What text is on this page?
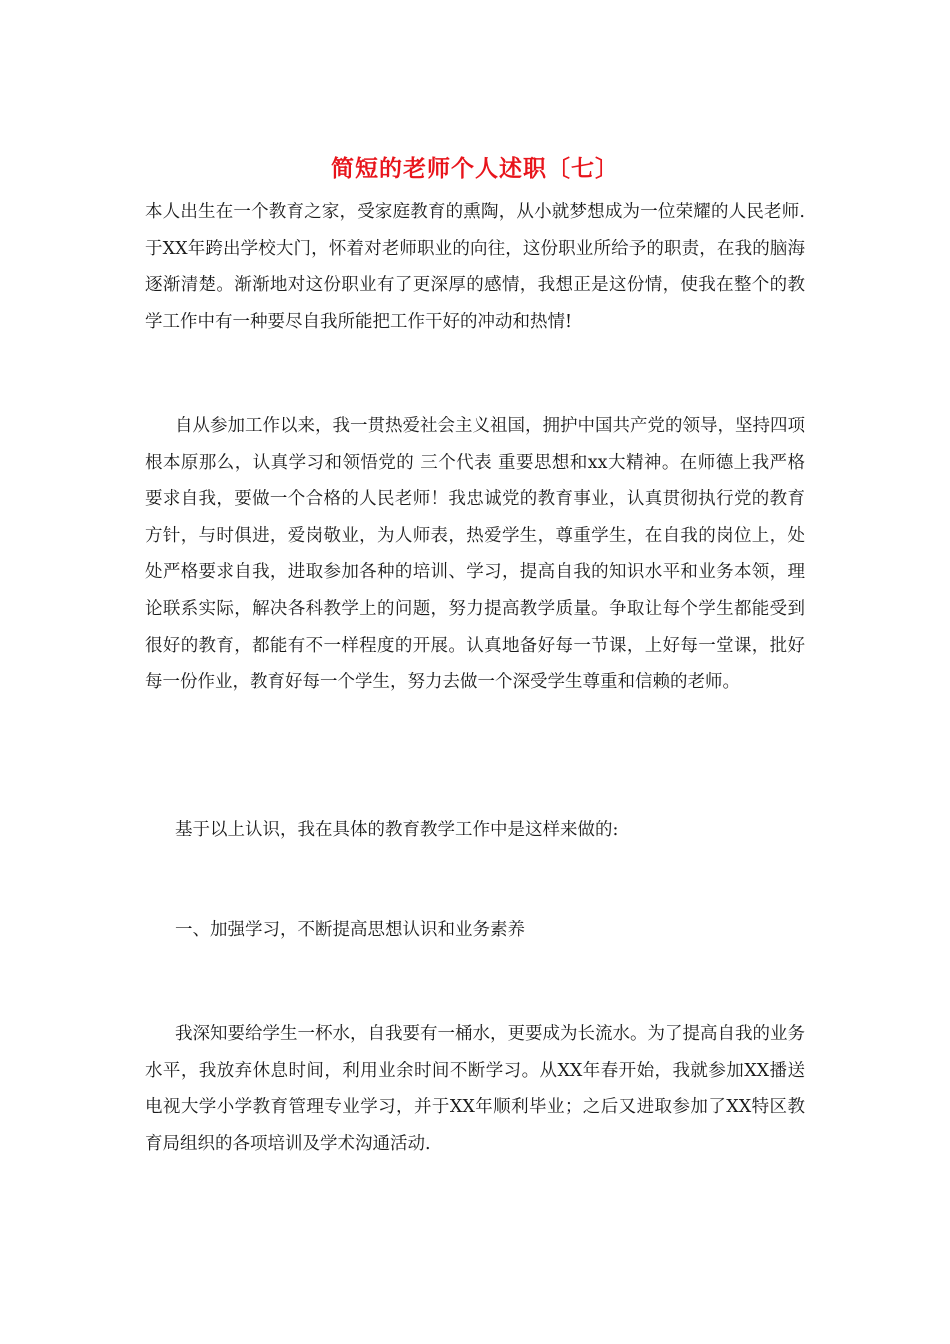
简短的老师个人述职〔七〕

本人出生在一个教育之家，受家庭教育的熏陶，从小就梦想成为一位荣耀的人民老师.于XX年跨出学校大门，怀着对老师职业的向往，这份职业所给予的职责，在我的脑海逐渐清楚。渐渐地对这份职业有了更深厚的感情，我想正是这份情，使我在整个的教学工作中有一种要尽自我所能把工作干好的冲动和热情!

自从参加工作以来，我一贯热爱社会主义祖国，拥护中国共产党的领导，坚持四项根本原那么，认真学习和领悟党的 三个代表 重要思想和xx大精神。在师德上我严格要求自我，要做一个合格的人民老师！我忠诚党的教育事业，认真贯彻执行党的教育方针，与时俱进，爱岗敬业，为人师表，热爱学生，尊重学生，在自我的岗位上，处处严格要求自我，进取参加各种的培训、学习，提高自我的知识水平和业务本领，理论联系实际，解决各科教学上的问题，努力提高教学质量。争取让每个学生都能受到很好的教育，都能有不一样程度的开展。认真地备好每一节课，上好每一堂课，批好每一份作业，教育好每一个学生，努力去做一个深受学生尊重和信赖的老师。

基于以上认识，我在具体的教育教学工作中是这样来做的:

一、加强学习，不断提高思想认识和业务素养

我深知要给学生一杯水，自我要有一桶水，更要成为长流水。为了提高自我的业务水平，我放弃休息时间，利用业余时间不断学习。从XX年春开始，我就参加XX播送电视大学小学教育管理专业学习，并于XX年顺利毕业；之后又进取参加了XX特区教育局组织的各项培训及学术沟通活动.
